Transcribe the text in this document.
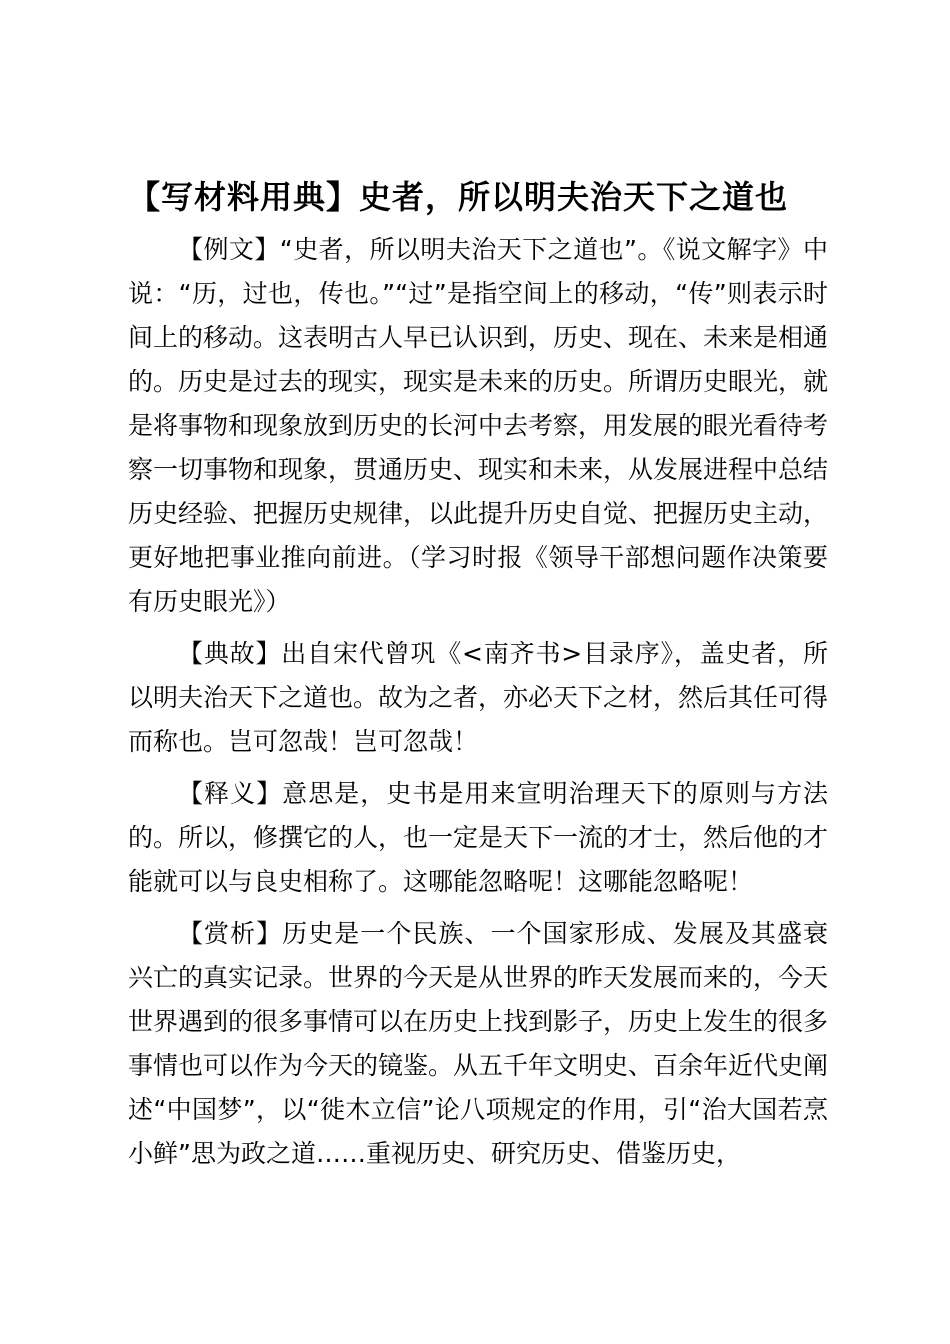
【写材料用典】史者，所以明夫治天下之道也

【例文】“史者，所以明夫治天下之道也”。《说文解字》中说：“历，过也，传也。”“过”是指空间上的移动，“传”则表示时间上的移动。这表明古人早已认识到，历史、现在、未来是相通的。历史是过去的现实，现实是未来的历史。所谓历史眼光，就是将事物和现象放到历史的长河中去考察，用发展的眼光看待考察一切事物和现象，贯通历史、现实和未来，从发展进程中总结历史经验、把握历史规律，以此提升历史自觉、把握历史主动，更好地把事业推向前进。（学习时报《领导干部想问题作决策要有历史眼光》）

【典故】出自宋代曾巩《<南齐书>目录序》，盖史者，所以明夫治天下之道也。故为之者，亦必天下之材，然后其任可得而称也。岂可忽哉！岂可忽哉！

【释义】意思是，史书是用来宣明治理天下的原则与方法的。所以，修撰它的人，也一定是天下一流的才士，然后他的才能就可以与良史相称了。这哪能忽略呢！这哪能忽略呢！

【赏析】历史是一个民族、一个国家形成、发展及其盛衰兴亡的真实记录。世界的今天是从世界的昨天发展而来的，今天世界遇到的很多事情可以在历史上找到影子，历史上发生的很多事情也可以作为今天的镜鉴。从五千年文明史、百余年近代史阐述“中国梦”，以“徙木立信”论八项规定的作用，引“治大国若烹小鲜”思为政之道……重视历史、研究历史、借鉴历史，
